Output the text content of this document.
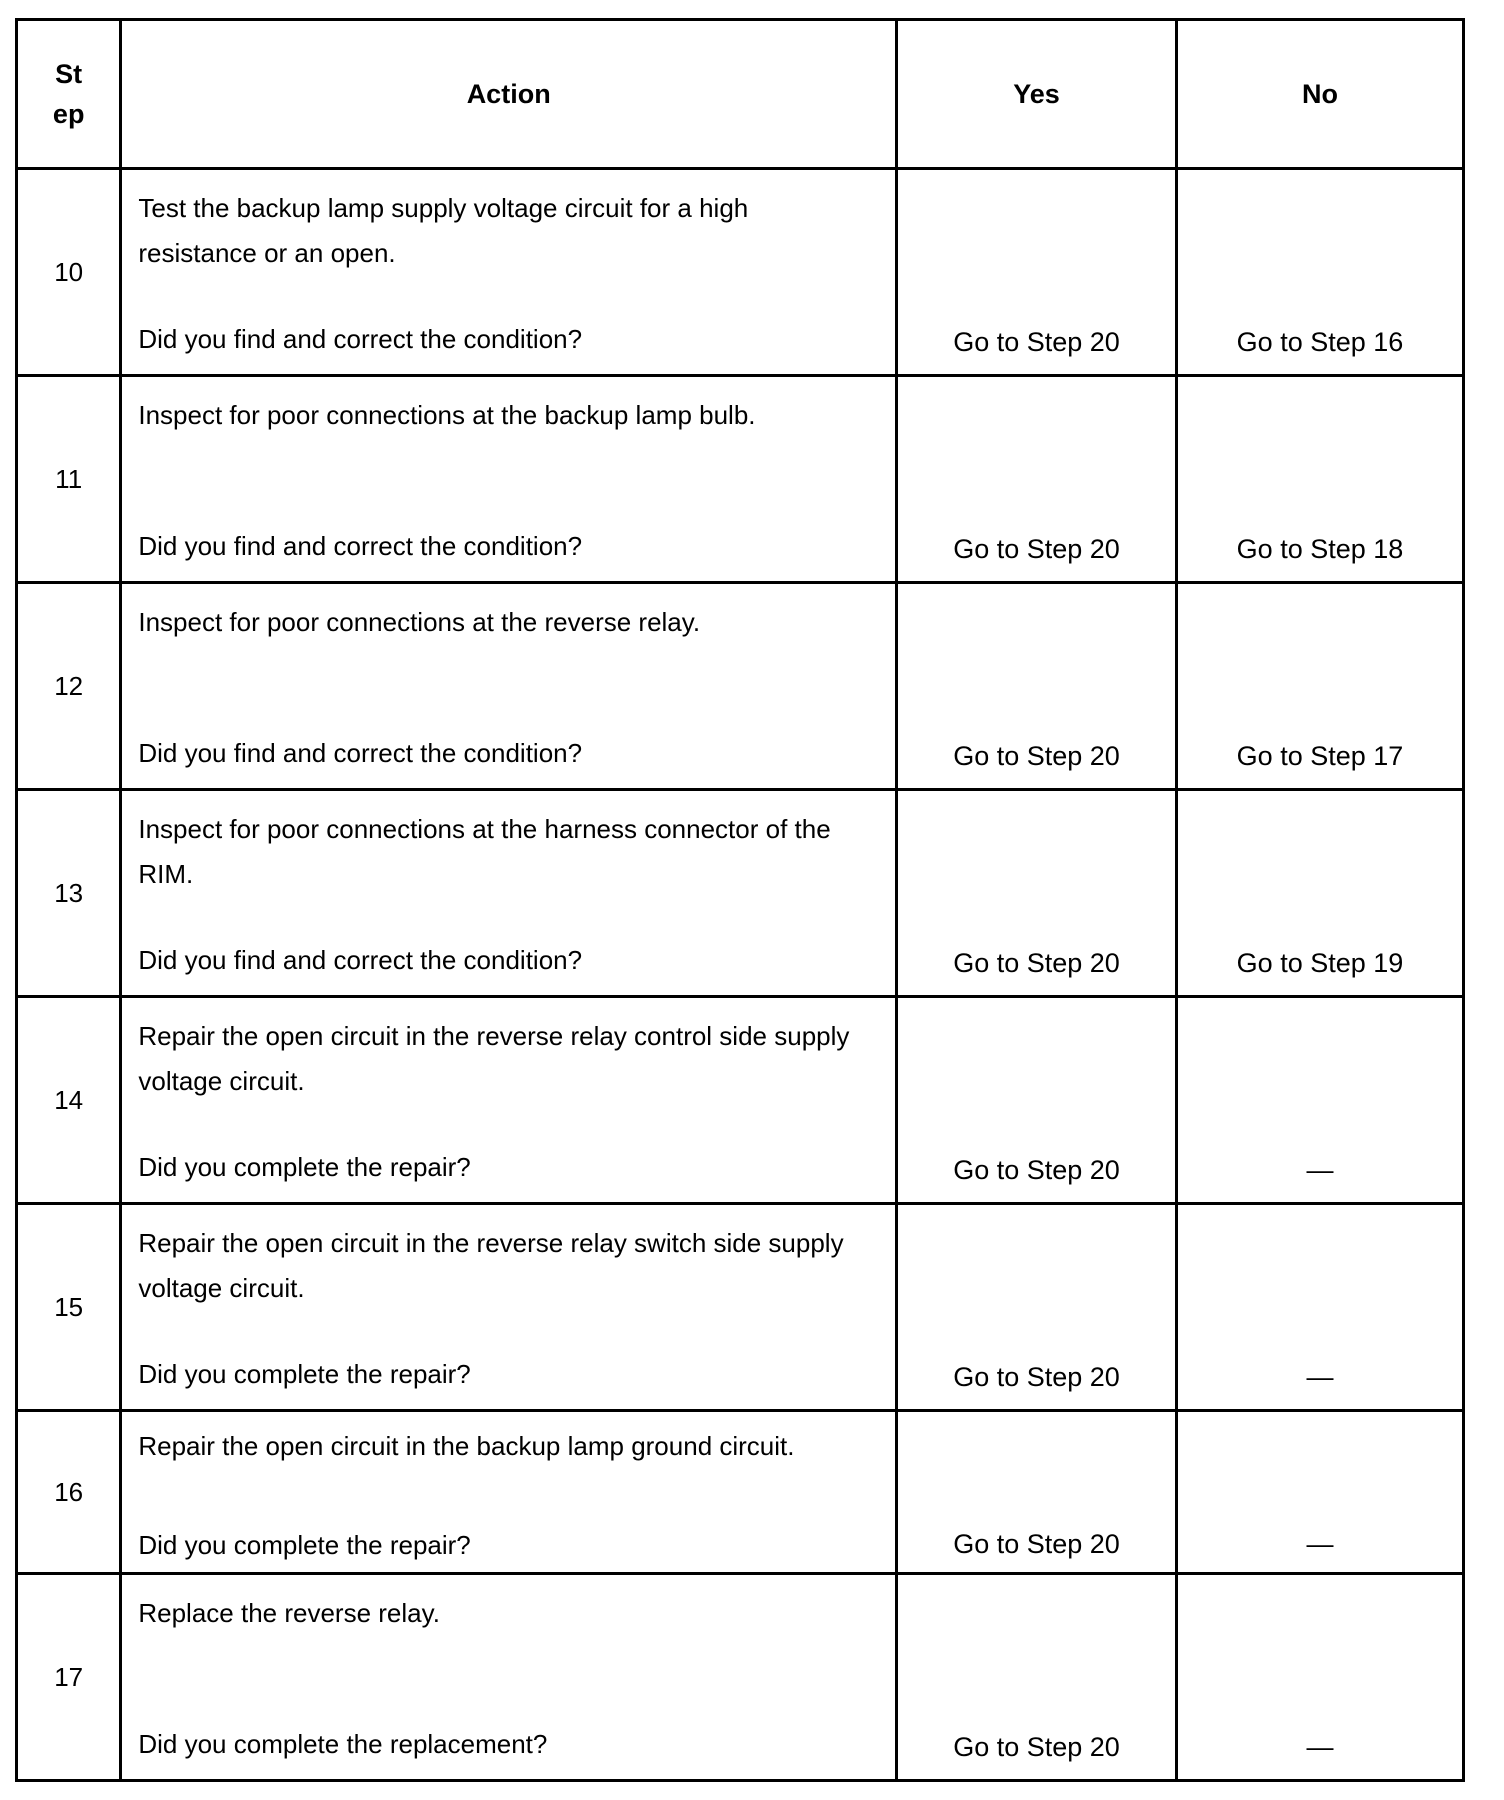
St
ep	Action	Yes	No
10	Test the backup lamp supply voltage circuit for a high resistance or an open.
Did you find and correct the condition?	Go to Step 20	Go to Step 16

11	Inspect for poor connections at the backup lamp bulb.
Did you find and correct the condition?	Go to Step 20	Go to Step 18

12	Inspect for poor connections at the reverse relay.
Did you find and correct the condition?	Go to Step 20	Go to Step 17

13	Inspect for poor connections at the harness connector of the RIM.
Did you find and correct the condition?	Go to Step 20	Go to Step 19

14	Repair the open circuit in the reverse relay control side supply voltage circuit.
Did you complete the repair?	Go to Step 20	—

15	Repair the open circuit in the reverse relay switch side supply voltage circuit.
Did you complete the repair?	Go to Step 20	—

16	Repair the open circuit in the backup lamp ground circuit.
Did you complete the repair?	Go to Step 20	—

17	Replace the reverse relay.
Did you complete the replacement?	Go to Step 20	—
